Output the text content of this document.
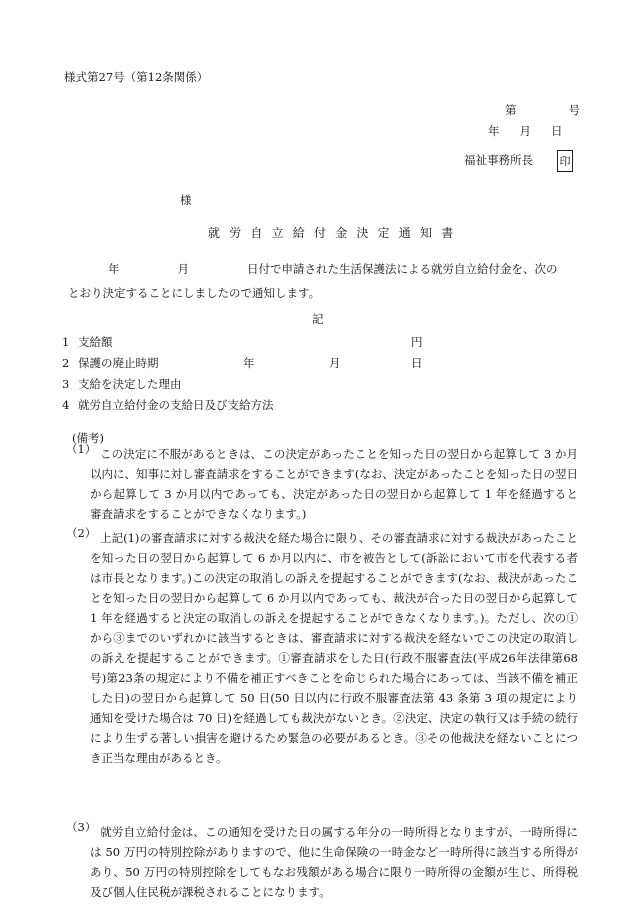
様式第27号（第12条関係）
第	号
年 月 日
福祉事務所長 印
様
就労自立給付金決定通知書
年	月	日付で申請された生活保護法による就労自立給付金を、次の
とおり決定することにしましたので通知します。
記
1 支給額	円
2 保護の廃止時期	年	月	日
3 支給を決定した理由
4 就労自立給付金の支給日及び支給方法
(備考)
（1） この決定に不服があるときは、この決定があったことを知った日の翌日から起算して 3 か月以内に、知事に対し審査請求をすることができます(なお、決定があったことを知った日の翌日から起算して 3 か月以内であっても、決定があった日の翌日から起算して 1 年を経過すると審査請求をすることができなくなります。)
（2） 上記(1)の審査請求に対する裁決を経た場合に限り、その審査請求に対する裁決があったことを知った日の翌日から起算して 6 か月以内に、市を被告として(訴訟において市を代表する者は市長となります。)この決定の取消しの訴えを提起することができます(なお、裁決があったことを知った日の翌日から起算して 6 か月以内であっても、裁決が合った日の翌日から起算して 1 年を経過すると決定の取消しの訴えを提起することができなくなります。)。ただし、次の①から③までのいずれかに該当するときは、審査請求に対する裁決を経ないでこの決定の取消しの訴えを提起することができます。①審査請求をした日(行政不服審査法(平成26年法律第68号)第23条の規定により不備を補正すべきことを命じられた場合にあっては、当該不備を補正した日)の翌日から起算して 50 日(50 日以内に行政不服審査法第 43 条第 3 項の規定により通知を受けた場合は 70 日)を経過しても裁決がないとき。②決定、決定の執行又は手続の続行により生ずる著しい損害を避けるため緊急の必要があるとき。③その他裁決を経ないことにつき正当な理由があるとき。
（3） 就労自立給付金は、この通知を受けた日の属する年分の一時所得となりますが、一時所得には 50 万円の特別控除がありますので、他に生命保険の一時金など一時所得に該当する所得があり、50 万円の特別控除をしてもなお残額がある場合に限り一時所得の金額が生じ、所得税及び個人住民税が課税されることになります。
